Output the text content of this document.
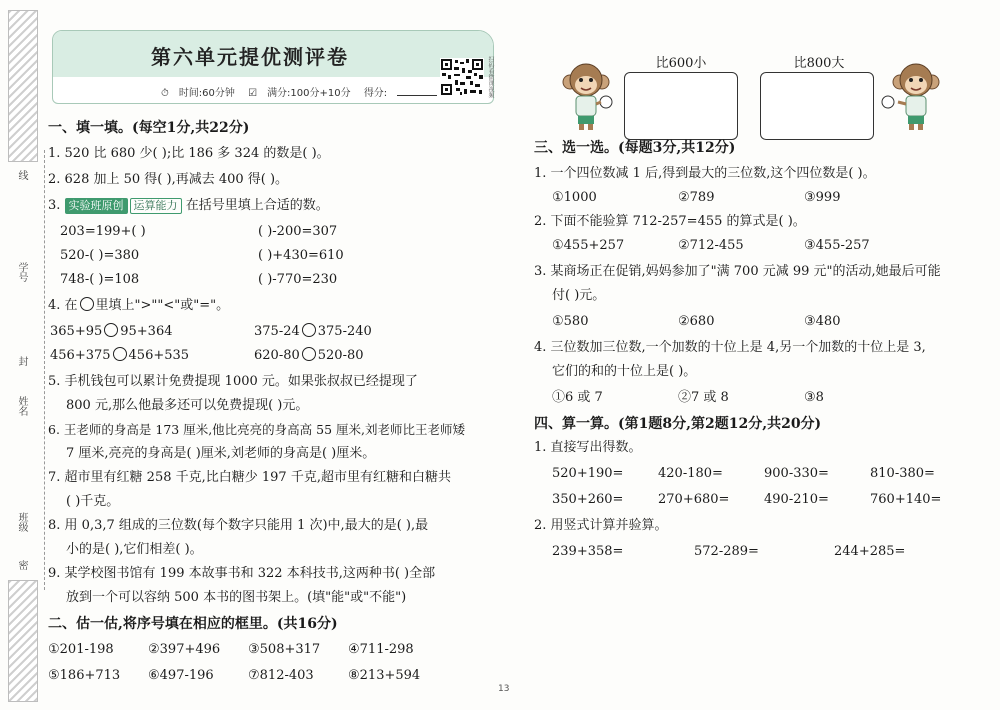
线
学号
封
姓名
班级
密
第六单元提优测评卷
⏱ 时间:60分钟 ☑ 满分:100分+10分 得分:	扫码看微课视频
一、填一填。(每空1分,共22分)
1. 520 比 680 少( );比 186 多 324 的数是( )。
2. 628 加上 50 得( ),再减去 400 得( )。
3. 实验班原创 运算能力 在括号里填上合适的数。
203=199+( )	( )-200=307
520-( )=380	( )+430=610
748-( )=108	( )-770=230
4. 在 里填上">""<"或"="。
365+95 95+364	375-24 375-240
456+375 456+535	620-80 520-80
5. 手机钱包可以累计免费提现 1000 元。如果张叔叔已经提现了
800 元,那么他最多还可以免费提现( )元。
6. 王老师的身高是 173 厘米,他比亮亮的身高高 55 厘米,刘老师比王老师矮
7 厘米,亮亮的身高是( )厘米,刘老师的身高是( )厘米。
7. 超市里有红糖 258 千克,比白糖少 197 千克,超市里有红糖和白糖共
( )千克。
8. 用 0,3,7 组成的三位数(每个数字只能用 1 次)中,最大的是( ),最
小的是( ),它们相差( )。
9. 某学校图书馆有 199 本故事书和 322 本科技书,这两种书( )全部
放到一个可以容纳 500 本书的图书架上。(填"能"或"不能")
二、估一估,将序号填在相应的框里。(共16分)
①201-198	②397+496 ③508+317 ④711-298
⑤186+713 ⑥497-196	⑦812-403	⑧213+594
比600小	比800大
三、选一选。(每题3分,共12分)
1. 一个四位数减 1 后,得到最大的三位数,这个四位数是( )。
①1000	②789	③999
2. 下面不能验算 712-257=455 的算式是( )。
①455+257	②712-455	③455-257
3. 某商场正在促销,妈妈参加了"满 700 元减 99 元"的活动,她最后可能
付( )元。
①580	②680	③480
4. 三位数加三位数,一个加数的十位上是 4,另一个加数的十位上是 3,
它们的和的十位上是( )。
①6 或 7	②7 或 8	③8
四、算一算。(第1题8分,第2题12分,共20分)
1. 直接写出得数。
520+190=	420-180=	900-330=	810-380=
350+260=	270+680=	490-210=	760+140=
2. 用竖式计算并验算。
239+358=	572-289=	244+285=
13
